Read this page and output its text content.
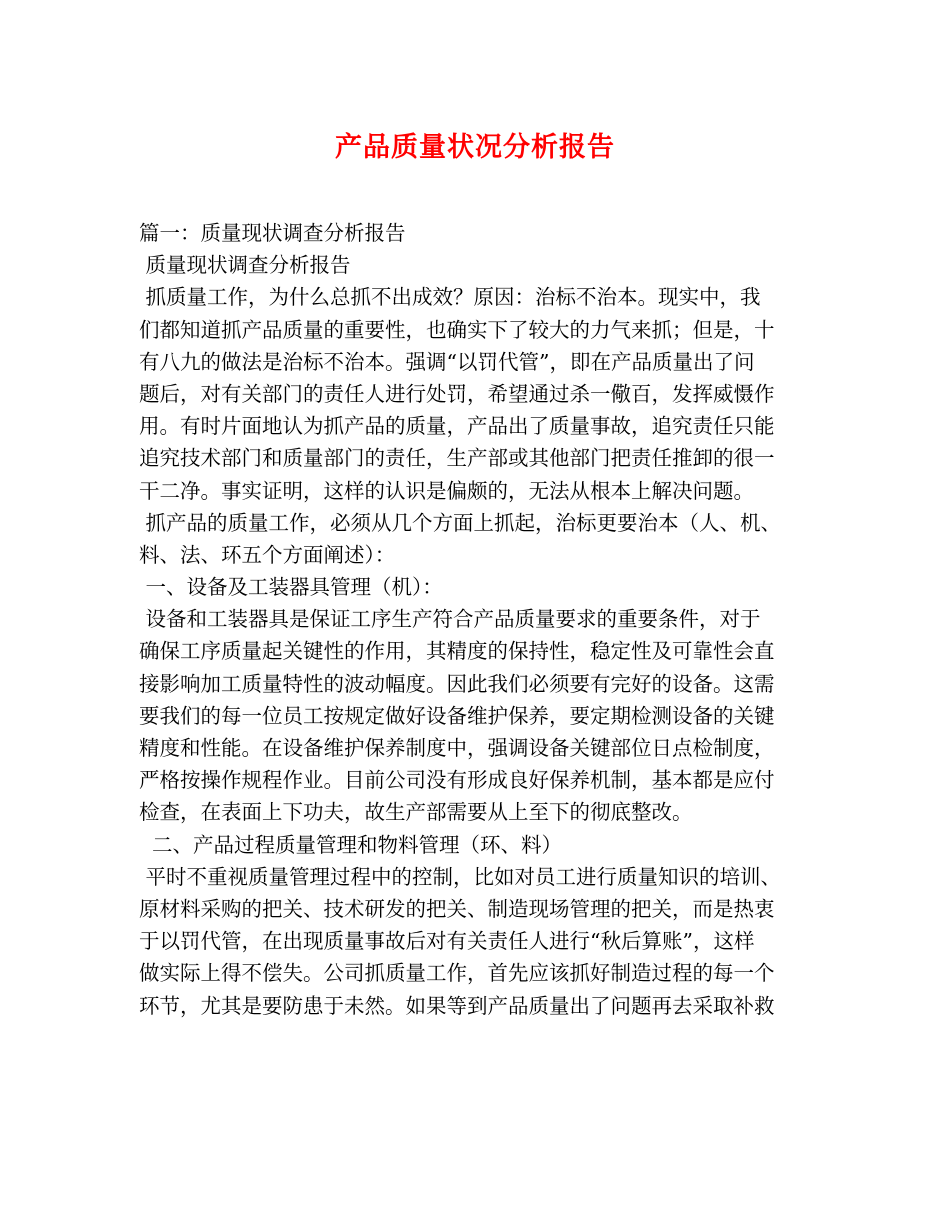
产品质量状况分析报告
篇一：质量现状调查分析报告
质量现状调查分析报告
抓质量工作，为什么总抓不出成效？原因：治标不治本。现实中，我
们都知道抓产品质量的重要性，也确实下了较大的力气来抓；但是，十
有八九的做法是治标不治本。强调“以罚代管”，即在产品质量出了问
题后，对有关部门的责任人进行处罚，希望通过杀一儆百，发挥威慑作
用。有时片面地认为抓产品的质量，产品出了质量事故，追究责任只能
追究技术部门和质量部门的责任，生产部或其他部门把责任推卸的很一
干二净。事实证明，这样的认识是偏颇的，无法从根本上解决问题。
抓产品的质量工作，必须从几个方面上抓起，治标更要治本（人、机、
料、法、环五个方面阐述）：
一、设备及工装器具管理（机）：
设备和工装器具是保证工序生产符合产品质量要求的重要条件，对于
确保工序质量起关键性的作用，其精度的保持性，稳定性及可靠性会直
接影响加工质量特性的波动幅度。因此我们必须要有完好的设备。这需
要我们的每一位员工按规定做好设备维护保养，要定期检测设备的关键
精度和性能。在设备维护保养制度中，强调设备关键部位日点检制度，
严格按操作规程作业。目前公司没有形成良好保养机制，基本都是应付
检查，在表面上下功夫，故生产部需要从上至下的彻底整改。
二、产品过程质量管理和物料管理（环、料）
平时不重视质量管理过程中的控制，比如对员工进行质量知识的培训、
原材料采购的把关、技术研发的把关、制造现场管理的把关，而是热衷
于以罚代管，在出现质量事故后对有关责任人进行“秋后算账”，这样
做实际上得不偿失。公司抓质量工作，首先应该抓好制造过程的每一个
环节，尤其是要防患于未然。如果等到产品质量出了问题再去采取补救
